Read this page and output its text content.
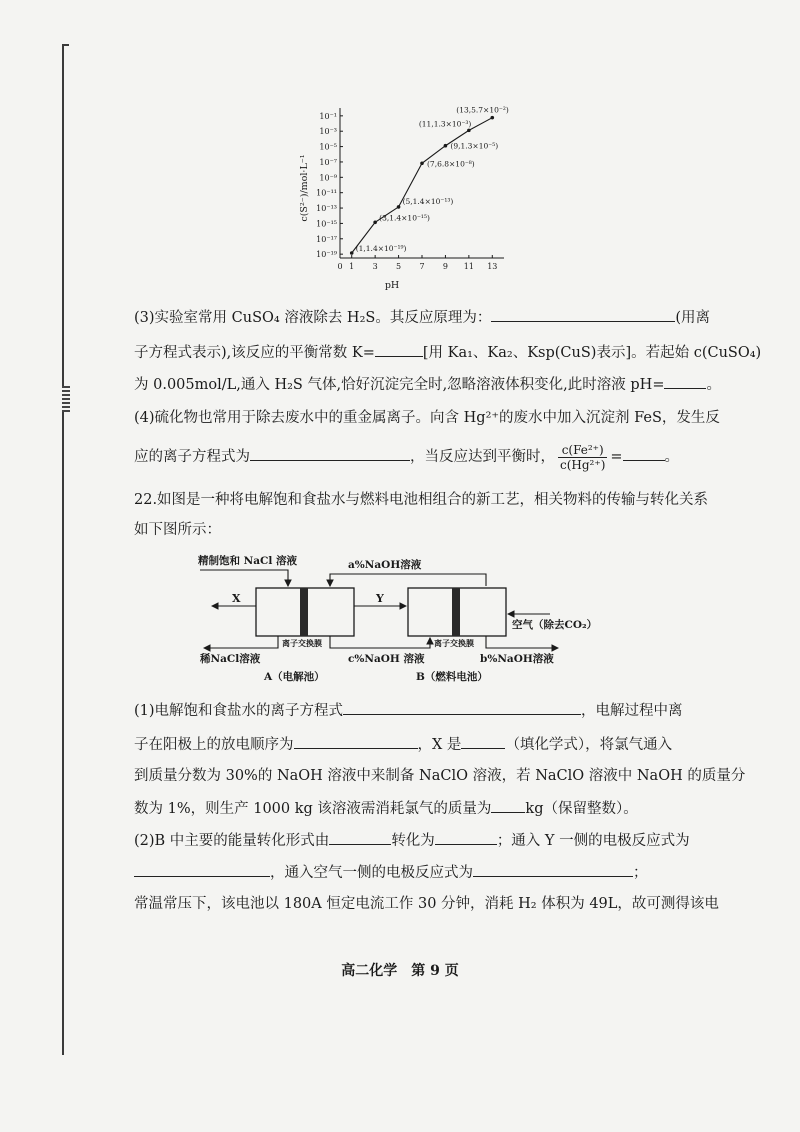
10⁻¹
10⁻³
10⁻⁵
10⁻⁷
10⁻⁹
10⁻¹¹
10⁻¹³
10⁻¹⁵
10⁻¹⁷
10⁻¹⁹
0 1 3 5 7 9 11 13
(1,1.4×10⁻¹⁹)
(3,1.4×10⁻¹⁵)
(5,1.4×10⁻¹³)
(7,6.8×10⁻⁸)
(9,1.3×10⁻⁵)
(11,1.3×10⁻³)
(13,5.7×10⁻²)
c(S²⁻)/mol·L⁻¹
pH
(3)实验室常用 CuSO₄ 溶液除去 H₂S。其反应原理为：	(用离
子方程式表示),该反应的平衡常数 K=	[用 Ka₁、Ka₂、Ksp(CuS)表示]。若起始 c(CuSO₄)
为 0.005mol/L,通入 H₂S 气体,恰好沉淀完全时,忽略溶液体积变化,此时溶液 pH=	。
(4)硫化物也常用于除去废水中的重金属离子。向含 Hg²⁺的废水中加入沉淀剂 FeS，发生反
应的离子方程式为	，当反应达到平衡时， $\frac{\text{c(Fe²⁺)}}{\text{c(Hg²⁺)}}$ =	。
22.如图是一种将电解饱和食盐水与燃料电池相组合的新工艺，相关物料的传输与转化关系
如下图所示：
精制饱和 NaCl 溶液	a%NaOH溶液
X	Y
空气（除去CO₂）
离子交换膜	离子交换膜
稀NaCl溶液	c%NaOH 溶液	b%NaOH溶液
A（电解池）	B（燃料电池）
(1)电解饱和食盐水的离子方程式	，电解过程中离
子在阳极上的放电顺序为	，X 是	（填化学式），将氯气通入
到质量分数为 30%的 NaOH 溶液中来制备 NaClO 溶液，若 NaClO 溶液中 NaOH 的质量分
数为 1%，则生产 1000 kg 该溶液需消耗氯气的质量为 kg（保留整数）。
(2)B 中主要的能量转化形式由	转化为	；通入 Y 一侧的电极反应式为
，通入空气一侧的电极反应式为	；
常温常压下，该电池以 180A 恒定电流工作 30 分钟，消耗 H₂ 体积为 49L，故可测得该电
高二化学　第 9 页
